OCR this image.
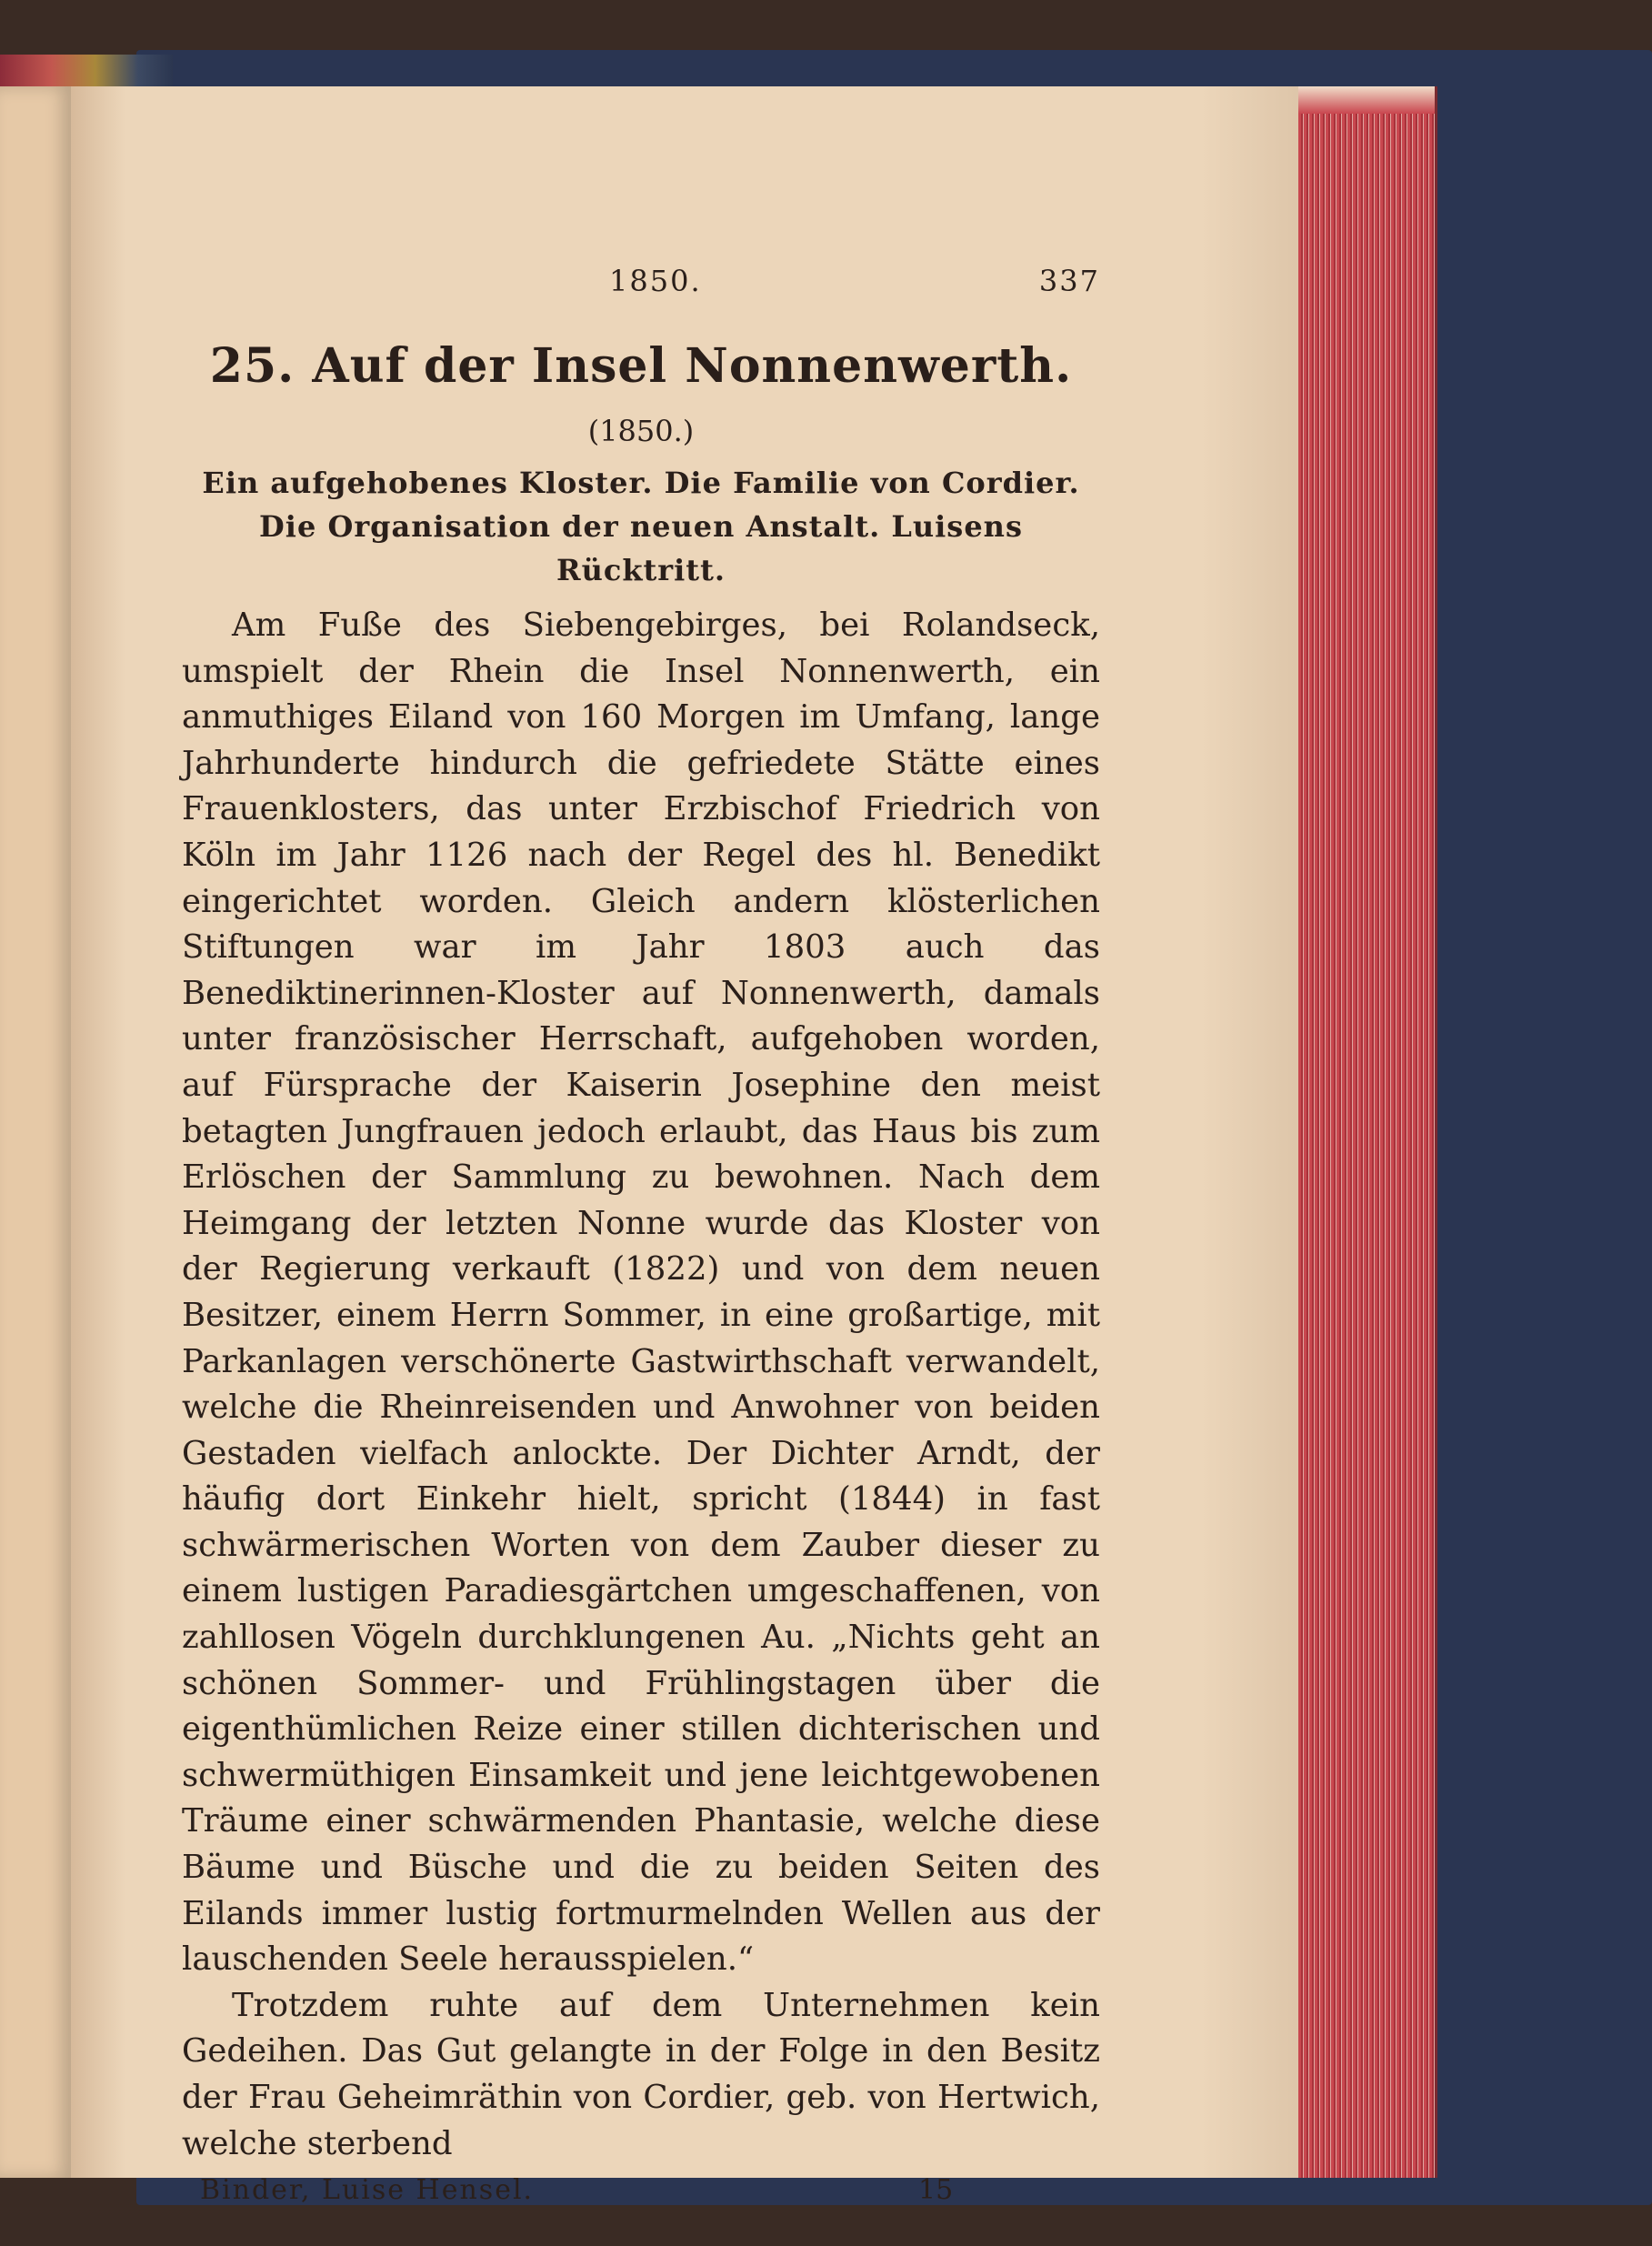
1850.	337
25. Auf der Insel Nonnenwerth.
(1850.)
Ein aufgehobenes Kloster. Die Familie von Cordier. Die Organisation der neuen Anstalt. Luisens Rücktritt.

Am Fuße des Siebengebirges, bei Rolandseck, umspielt der Rhein die Insel Nonnenwerth, ein anmuthiges Eiland von 160 Morgen im Umfang, lange Jahrhunderte hindurch die gefriedete Stätte eines Frauenklosters, das unter Erzbischof Friedrich von Köln im Jahr 1126 nach der Regel des hl. Benedikt eingerichtet worden. Gleich andern klösterlichen Stiftungen war im Jahr 1803 auch das Benediktinerinnen-Kloster auf Nonnenwerth, damals unter französischer Herrschaft, aufgehoben worden, auf Fürsprache der Kaiserin Josephine den meist betagten Jungfrauen jedoch erlaubt, das Haus bis zum Erlöschen der Sammlung zu bewohnen. Nach dem Heimgang der letzten Nonne wurde das Kloster von der Regierung verkauft (1822) und von dem neuen Besitzer, einem Herrn Sommer, in eine großartige, mit Parkanlagen verschönerte Gastwirthschaft verwandelt, welche die Rheinreisenden und Anwohner von beiden Gestaden vielfach anlockte. Der Dichter Arndt, der häufig dort Einkehr hielt, spricht (1844) in fast schwärmerischen Worten von dem Zauber dieser zu einem lustigen Paradiesgärtchen umgeschaffenen, von zahllosen Vögeln durchklungenen Au. „Nichts geht an schönen Sommer- und Frühlingstagen über die eigenthümlichen Reize einer stillen dichterischen und schwermüthigen Einsamkeit und jene leichtgewobenen Träume einer schwärmenden Phantasie, welche diese Bäume und Büsche und die zu beiden Seiten des Eilands immer lustig fortmurmelnden Wellen aus der lauschenden Seele herausspielen.“

Trotzdem ruhte auf dem Unternehmen kein Gedeihen. Das Gut gelangte in der Folge in den Besitz der Frau Geheimräthin von Cordier, geb. von Hertwich, welche sterbend

Binder, Luise Hensel.	15
